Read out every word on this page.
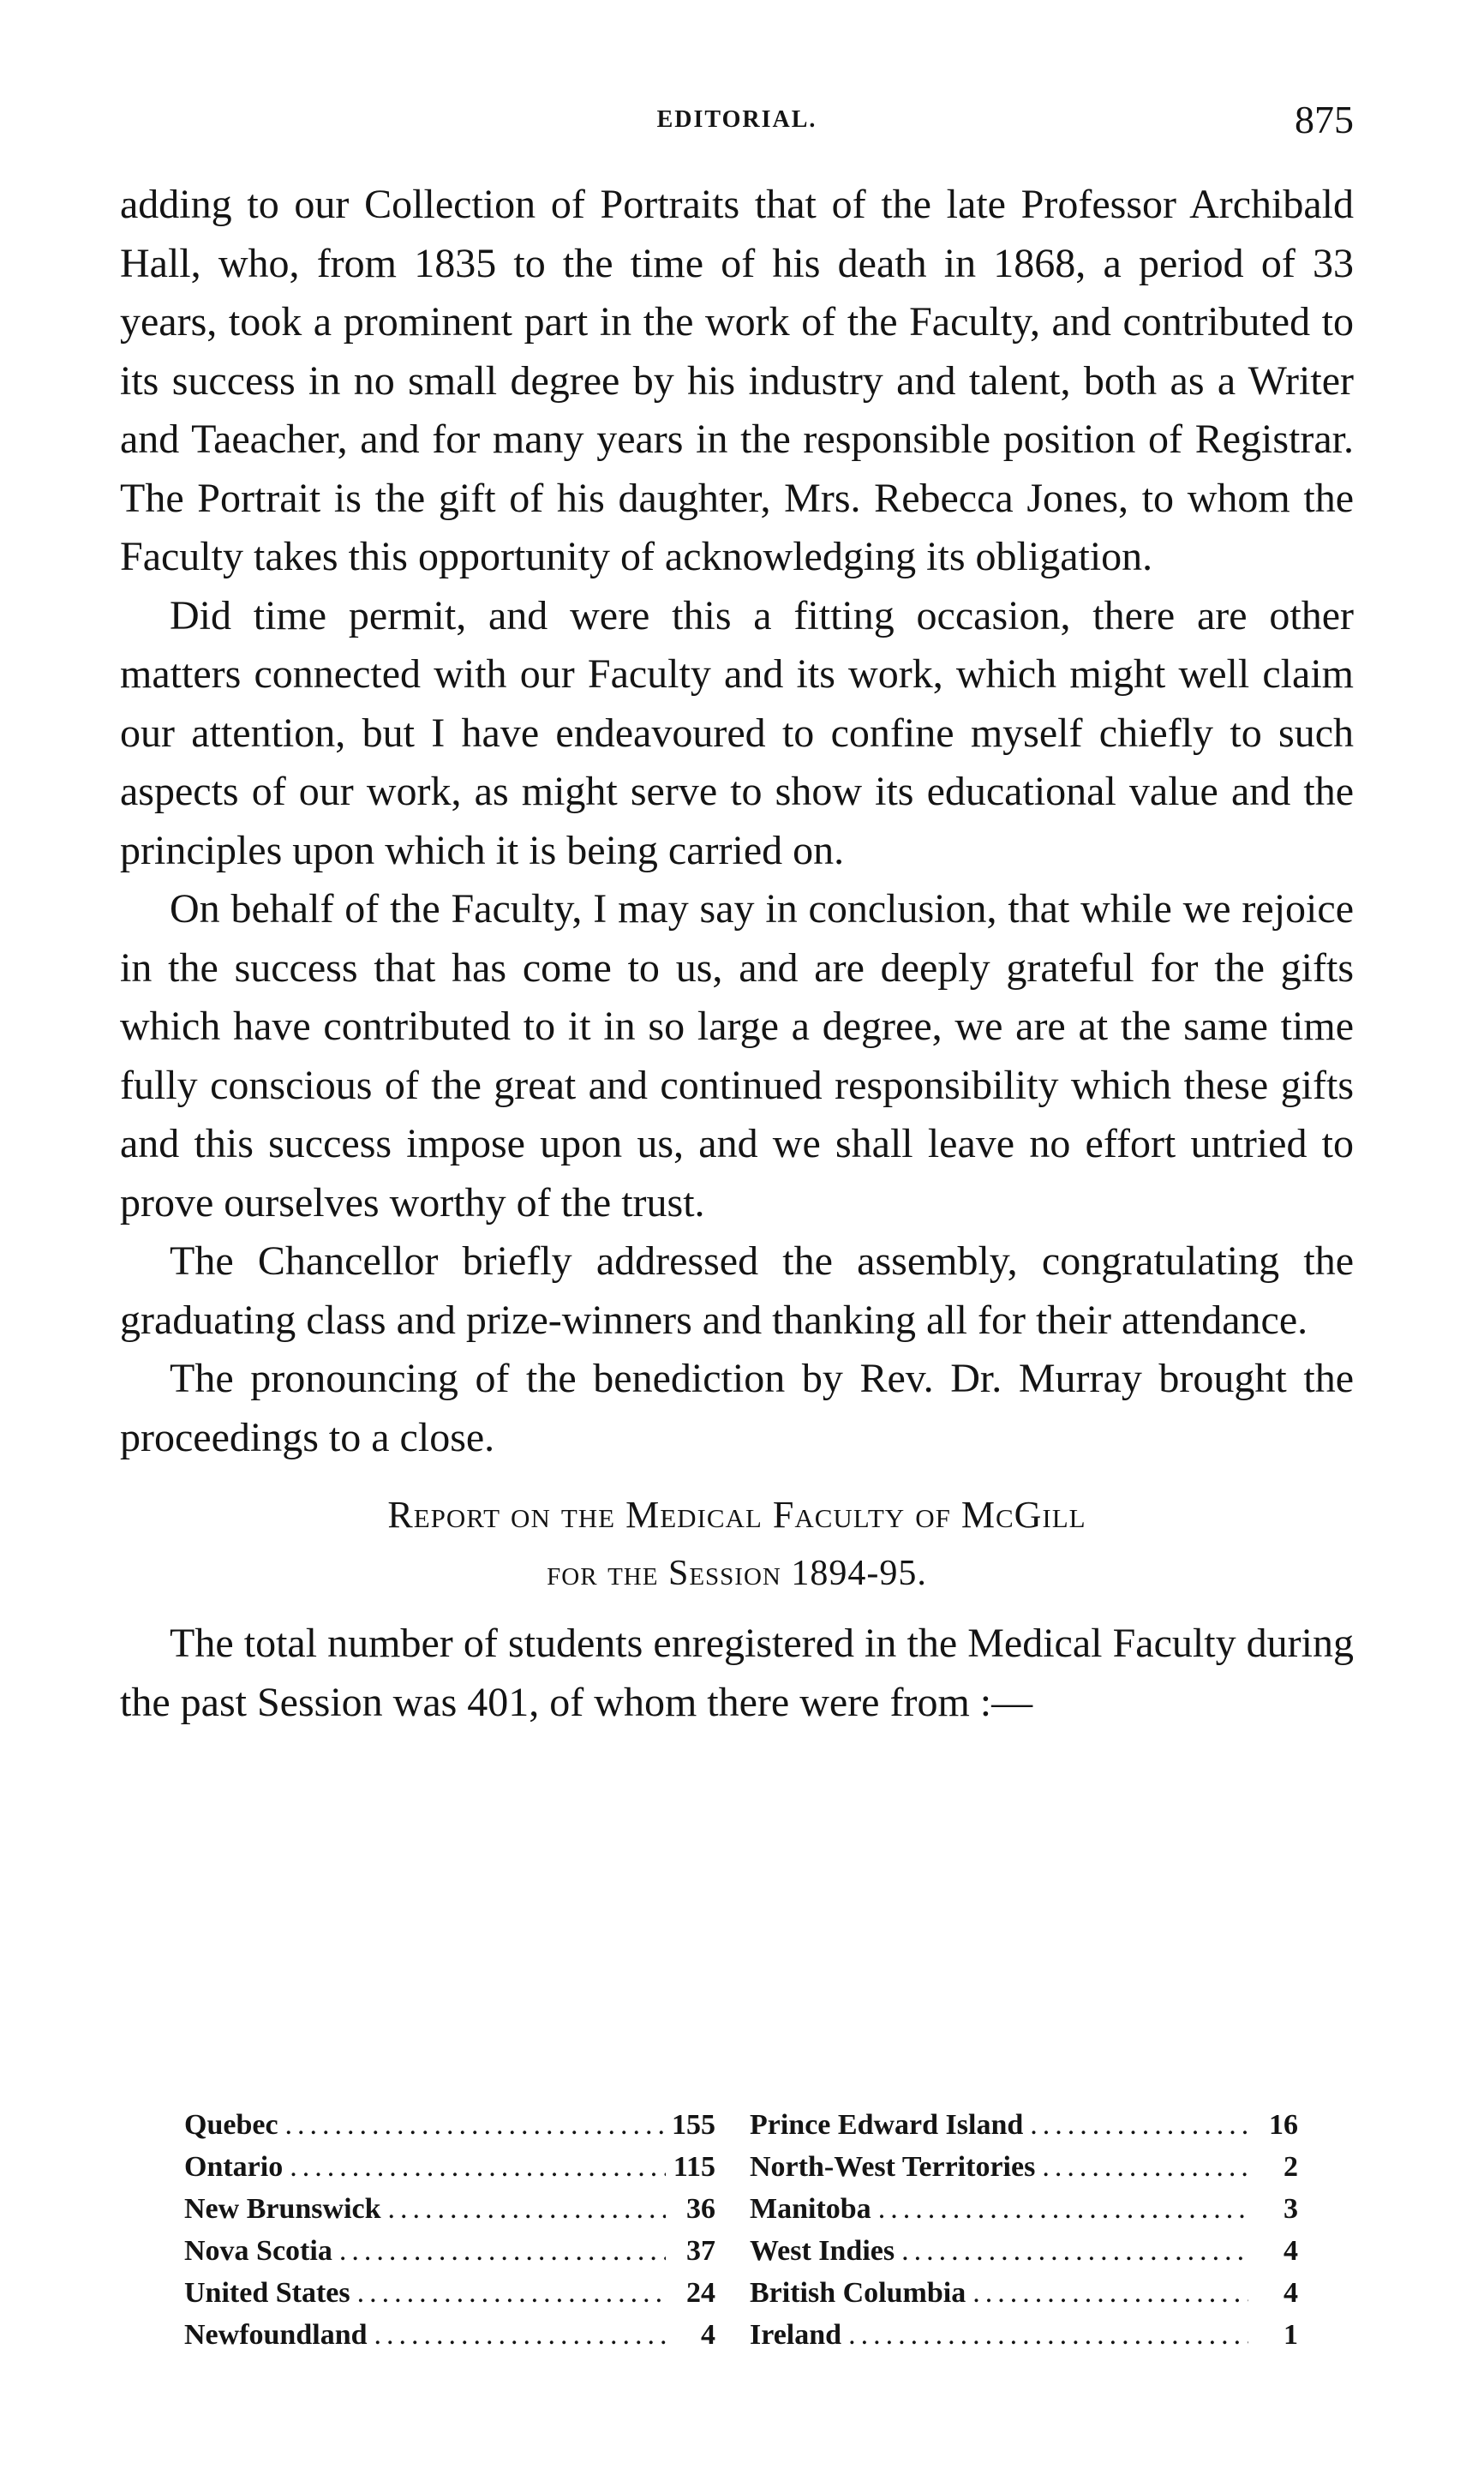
EDITORIAL.	875

adding to our Collection of Portraits that of the late Professor Archibald Hall, who, from 1835 to the time of his death in 1868, a period of 33 years, took a prominent part in the work of the Faculty, and contributed to its success in no small degree by his industry and talent, both as a Writer and Taeacher, and for many years in the responsible position of Registrar. The Portrait is the gift of his daughter, Mrs. Rebecca Jones, to whom the Faculty takes this opportunity of acknowledging its obligation.

Did time permit, and were this a fitting occasion, there are other matters connected with our Faculty and its work, which might well claim our attention, but I have endeavoured to confine myself chiefly to such aspects of our work, as might serve to show its educational value and the principles upon which it is being carried on.

On behalf of the Faculty, I may say in conclusion, that while we rejoice in the success that has come to us, and are deeply grateful for the gifts which have contributed to it in so large a degree, we are at the same time fully conscious of the great and continued responsibility which these gifts and this success impose upon us, and we shall leave no effort untried to prove ourselves worthy of the trust.

The Chancellor briefly addressed the assembly, congratulating the graduating class and prize-winners and thanking all for their attendance.

The pronouncing of the benediction by Rev. Dr. Murray brought the proceedings to a close.

Report on the Medical Faculty of McGill
for the Session 1894-95.

The total number of students enregistered in the Medical Faculty during the past Session was 401, of whom there were from :—

Quebec .....	155
Ontario .....	115
New Brunswick .....	36
Nova Scotia .....	37
United States .....	24
Newfoundland .....	4
Prince Edward Island .....	16
North-West Territories .....	2
Manitoba .....	3
West Indies .....	4
British Columbia .....	4
Ireland .....	1
